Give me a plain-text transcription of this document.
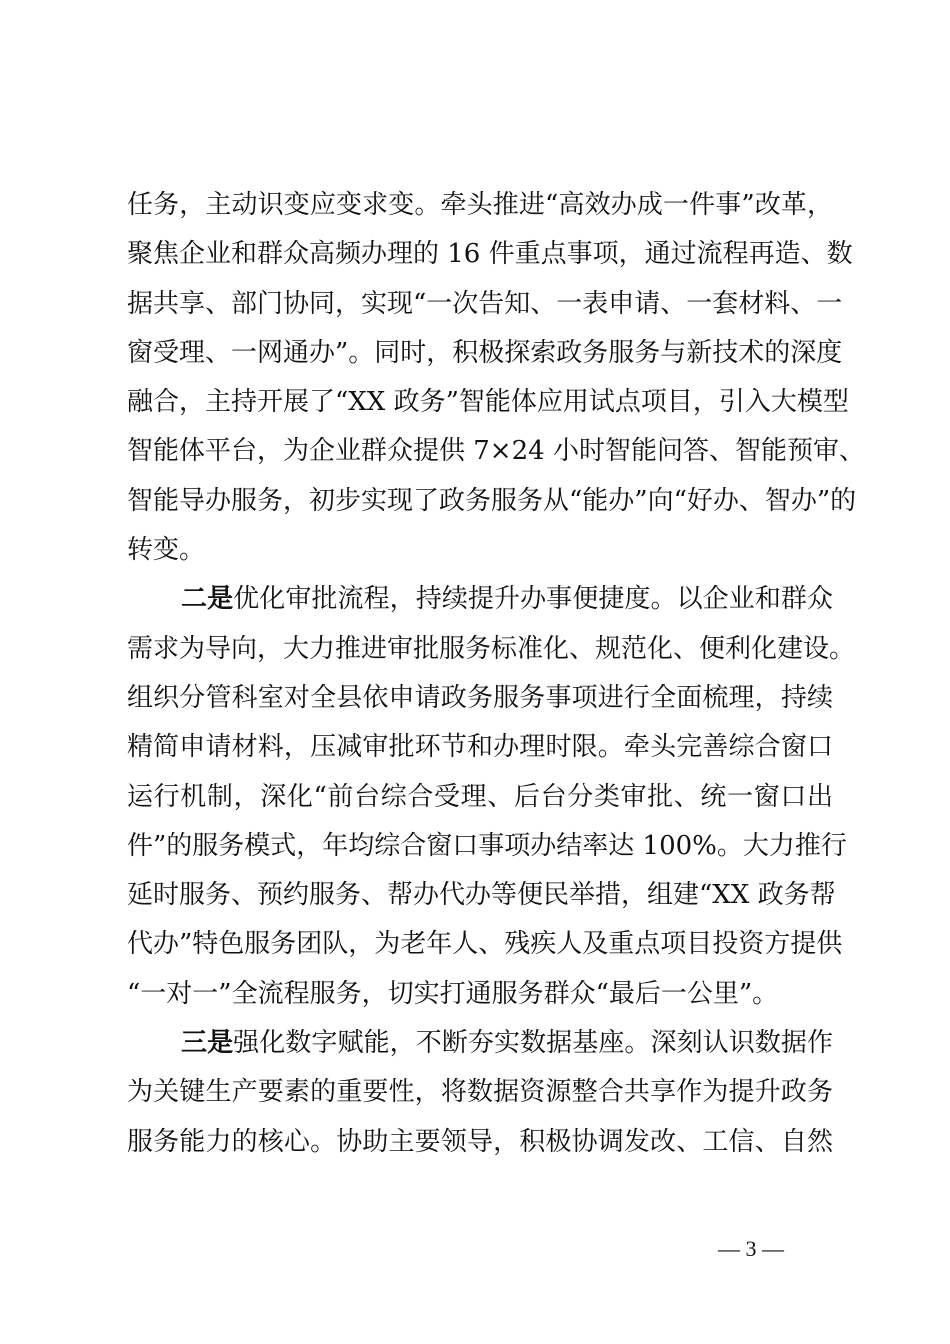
任务，主动识变应变求变。牵头推进“高效办成一件事”改革，
聚焦企业和群众高频办理的 16 件重点事项，通过流程再造、数
据共享、部门协同，实现“一次告知、一表申请、一套材料、一
窗受理、一网通办”。同时，积极探索政务服务与新技术的深度
融合，主持开展了“XX 政务”智能体应用试点项目，引入大模型
智能体平台，为企业群众提供 7×24 小时智能问答、智能预审、
智能导办服务，初步实现了政务服务从“能办”向“好办、智办”的
转变。
二是优化审批流程，持续提升办事便捷度。以企业和群众
需求为导向，大力推进审批服务标准化、规范化、便利化建设。
组织分管科室对全县依申请政务服务事项进行全面梳理，持续
精简申请材料，压减审批环节和办理时限。牵头完善综合窗口
运行机制，深化“前台综合受理、后台分类审批、统一窗口出
件”的服务模式，年均综合窗口事项办结率达 100%。大力推行
延时服务、预约服务、帮办代办等便民举措，组建“XX 政务帮
代办”特色服务团队，为老年人、残疾人及重点项目投资方提供
“一对一”全流程服务，切实打通服务群众“最后一公里”。
三是强化数字赋能，不断夯实数据基座。深刻认识数据作
为关键生产要素的重要性，将数据资源整合共享作为提升政务
服务能力的核心。协助主要领导，积极协调发改、工信、自然
— 3 —
